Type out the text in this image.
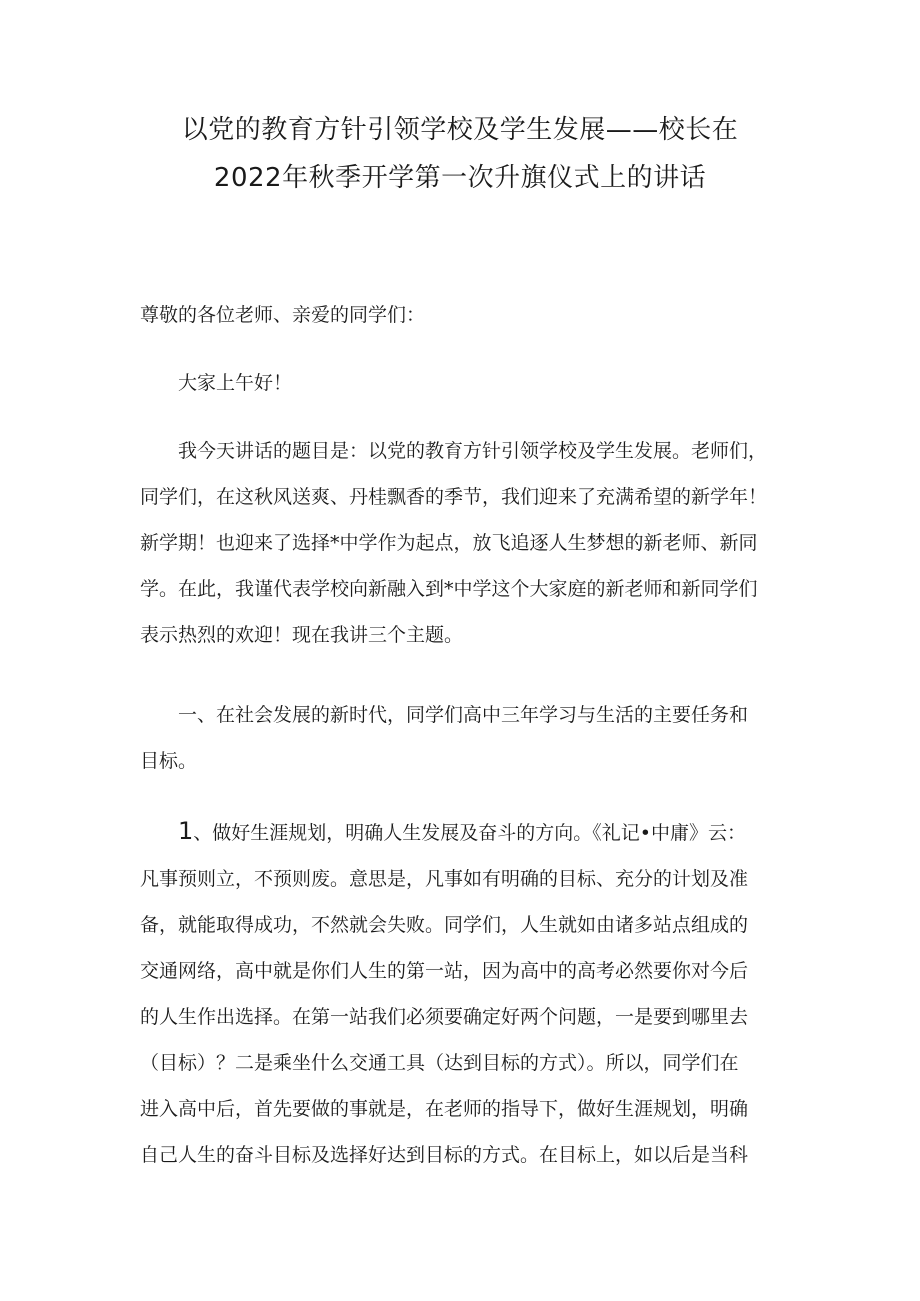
以党的教育方针引领学校及学生发展——校长在
2022年秋季开学第一次升旗仪式上的讲话

尊敬的各位老师、亲爱的同学们：

大家上午好！

我今天讲话的题目是：以党的教育方针引领学校及学生发展。老师们，
同学们，在这秋风送爽、丹桂飘香的季节，我们迎来了充满希望的新学年！
新学期！也迎来了选择*中学作为起点，放飞追逐人生梦想的新老师、新同
学。在此，我谨代表学校向新融入到*中学这个大家庭的新老师和新同学们
表示热烈的欢迎！现在我讲三个主题。

一、在社会发展的新时代，同学们高中三年学习与生活的主要任务和
目标。

1、做好生涯规划，明确人生发展及奋斗的方向。《礼记•中庸》云：
凡事预则立，不预则废。意思是，凡事如有明确的目标、充分的计划及准
备，就能取得成功，不然就会失败。同学们，人生就如由诸多站点组成的
交通网络，高中就是你们人生的第一站，因为高中的高考必然要你对今后
的人生作出选择。在第一站我们必须要确定好两个问题，一是要到哪里去
（目标）？二是乘坐什么交通工具（达到目标的方式）。所以，同学们在
进入高中后，首先要做的事就是，在老师的指导下，做好生涯规划，明确
自己人生的奋斗目标及选择好达到目标的方式。在目标上，如以后是当科
